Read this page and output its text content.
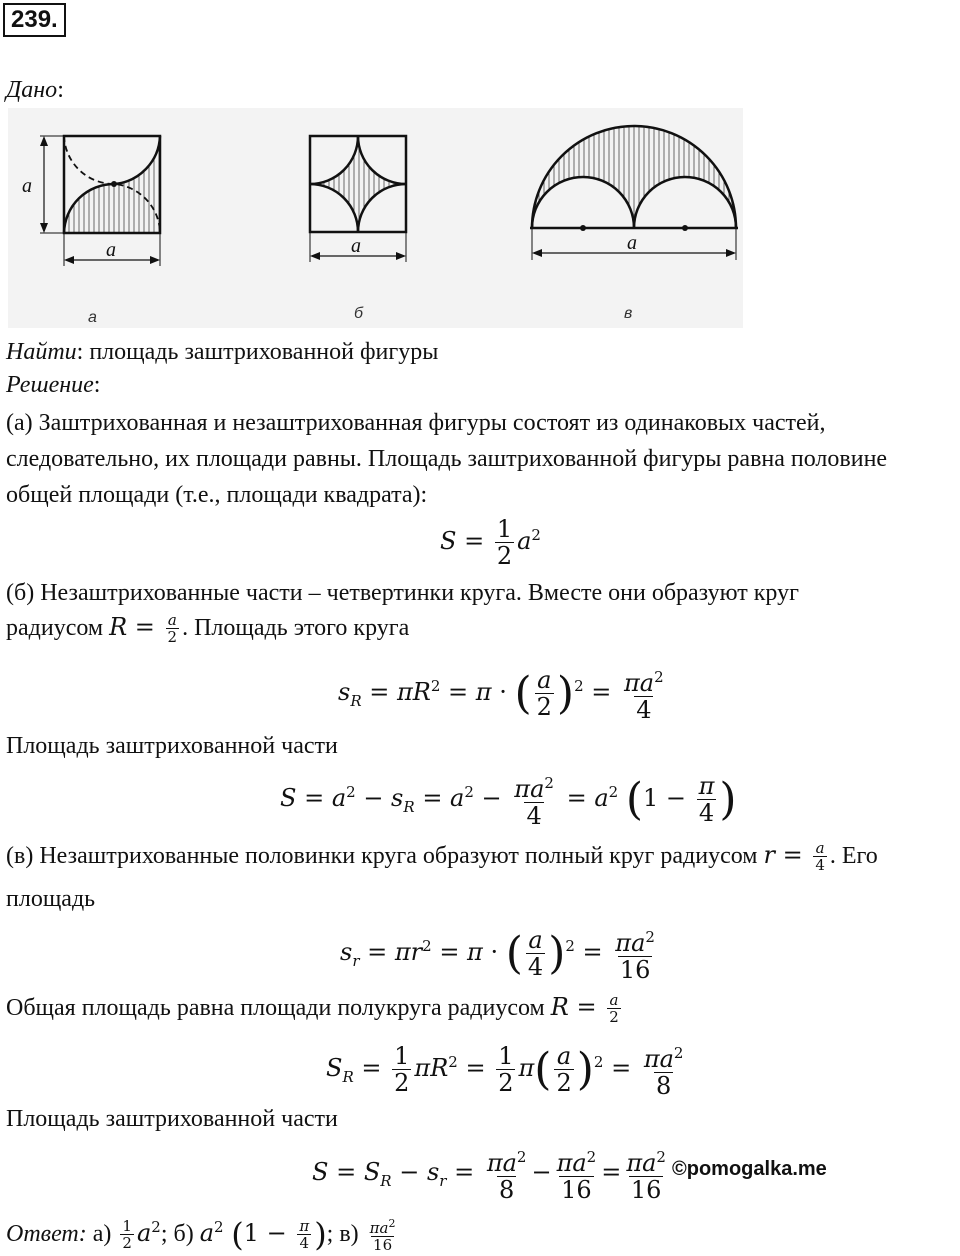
239.
Дано:
a
a	a	a
а	б	в
Найти: площадь заштрихованной фигуры
Решение:
(а) Заштрихованная и незаштрихованная фигуры состоят из одинаковых частей,
следовательно, их площади равны. Площадь заштрихованной фигуры равна половине
общей площади (т.е., площади квадрата):
$S = \frac{1}{2} a^2$
(б) Незаштрихованные части – четвертинки круга. Вместе они образуют круг
радиусом $R = \frac{a}{2}$ . Площадь этого круга
$s_R = \pi R^2 = \pi$ · ( $\frac{a}{2} )^2 = \frac{\pi a^2}{4}$
Площадь заштрихованной части
$S = a^2 - s_R = a^2 - \frac{\pi a^2}{4} = a^2$ ($1 - \frac{\pi}{4}$ )
(в) Незаштрихованные половинки круга образуют полный круг радиусом $r = \frac{a}{4}$ . Его
площадь
$s_r = \pi r^2 = \pi$ · ( $\frac{a}{4} )^2 = \frac{\pi a^2}{16}$
Общая площадь равна площади полукруга радиусом $R = \frac{a}{2}$
$S_R = \frac{1}{2} \pi R^2 = \frac{1}{2} \pi( \frac{a}{2} )^2 = \frac{\pi a^2}{8}$
Площадь заштрихованной части
$S = S_R - s_r = \frac{\pi a^2}{8} - \frac{\pi a^2}{16} = \frac{\pi a^2}{16}$ ©pomogalka.me
Ответ: $а) \frac{1}{2} a^2$; б) $a^2$ ($1 - \frac{\pi}{4}$ ); $в) \frac{\pi a^2}{16}$
